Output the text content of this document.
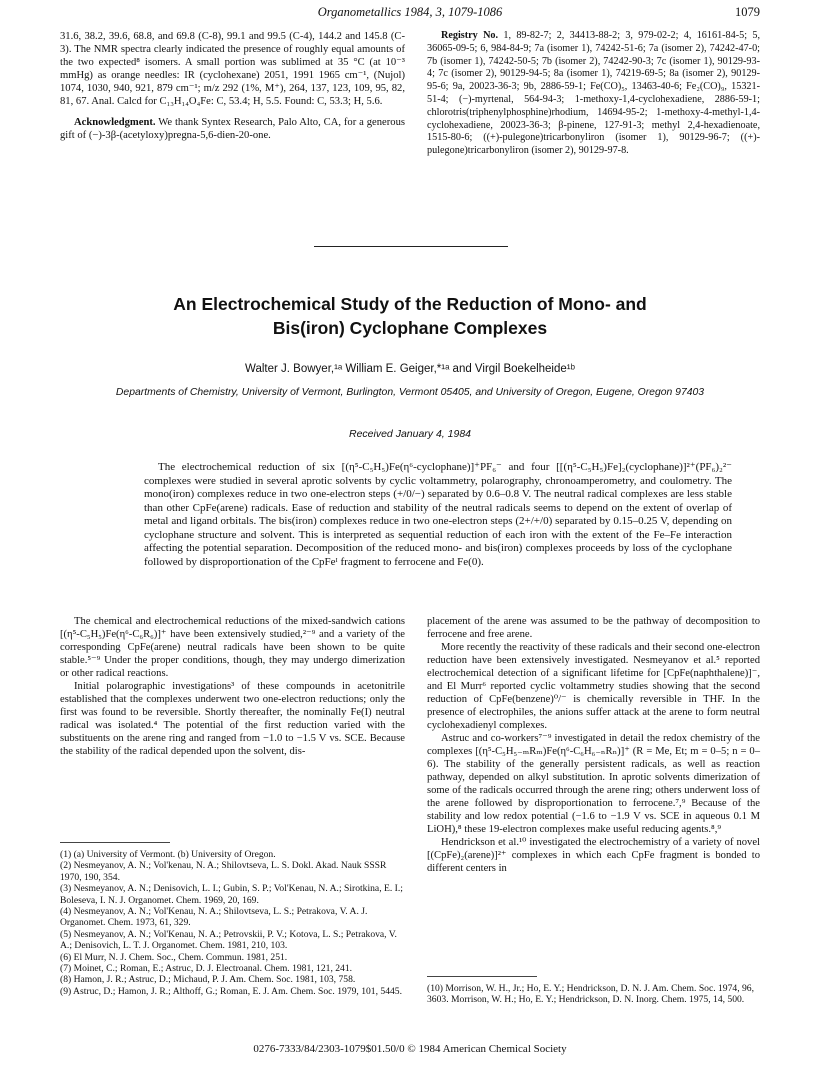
Organometallics 1984, 3, 1079-1086	1079

31.6, 38.2, 39.6, 68.8, and 69.8 (C-8), 99.1 and 99.5 (C-4), 144.2 and 145.8 (C-3). The NMR spectra clearly indicated the presence of roughly equal amounts of the two expected⁸ isomers. A small portion was sublimed at 35 °C (at 10⁻³ mmHg) as orange needles: IR (cyclohexane) 2051, 1991 1965 cm⁻¹, (Nujol) 1074, 1030, 940, 921, 879 cm⁻¹; m/z 292 (1%, M⁺), 264, 137, 123, 109, 95, 82, 81, 67. Anal. Calcd for C₁₃H₁₄O₄Fe: C, 53.4; H, 5.5. Found: C, 53.3; H, 5.6.

Acknowledgment. We thank Syntex Research, Palo Alto, CA, for a generous gift of (−)-3β-(acetyloxy)pregna-5,6-dien-20-one.

Registry No. 1, 89-82-7; 2, 34413-88-2; 3, 979-02-2; 4, 16161-84-5; 5, 36065-09-5; 6, 984-84-9; 7a (isomer 1), 74242-51-6; 7a (isomer 2), 74242-47-0; 7b (isomer 1), 74242-50-5; 7b (isomer 2), 74242-90-3; 7c (isomer 1), 90129-93-4; 7c (isomer 2), 90129-94-5; 8a (isomer 1), 74219-69-5; 8a (isomer 2), 90129-95-6; 9a, 20023-36-3; 9b, 2886-59-1; Fe(CO)₅, 13463-40-6; Fe₂(CO)₉, 15321-51-4; (−)-myrtenal, 564-94-3; 1-methoxy-1,4-cyclohexadiene, 2886-59-1; chlorotris(triphenylphosphine)rhodium, 14694-95-2; 1-methoxy-4-methyl-1,4-cyclohexadiene, 20023-36-3; β-pinene, 127-91-3; methyl 2,4-hexadienoate, 1515-80-6; ((+)-pulegone)tricarbonyliron (isomer 1), 90129-96-7; ((+)-pulegone)tricarbonyliron (isomer 2), 90129-97-8.

An Electrochemical Study of the Reduction of Mono- and
Bis(iron) Cyclophane Complexes
Walter J. Bowyer,¹ᵃ William E. Geiger,*¹ᵃ and Virgil Boekelheide¹ᵇ
Departments of Chemistry, University of Vermont, Burlington, Vermont 05405, and University of Oregon, Eugene, Oregon 97403
Received January 4, 1984

The electrochemical reduction of six [(η⁵-C₅H₅)Fe(η⁶-cyclophane)]⁺PF₆⁻ and four [[(η⁵-C₅H₅)Fe]₂(cyclophane)]²⁺(PF₆)₂²⁻ complexes were studied in several aprotic solvents by cyclic voltammetry, polarography, chronoamperometry, and coulometry. The mono(iron) complexes reduce in two one-electron steps (+/0/−) separated by 0.6–0.8 V. The neutral radical complexes are less stable than other CpFe(arene) radicals. Ease of reduction and stability of the neutral radicals seems to depend on the extent of overlap of metal and ligand orbitals. The bis(iron) complexes reduce in two one-electron steps (2+/+/0) separated by 0.15–0.25 V, depending on cyclophane structure and solvent. This is interpreted as sequential reduction of each iron with the extent of the Fe–Fe interaction affecting the potential separation. Decomposition of the reduced mono- and bis(iron) complexes proceeds by loss of the cyclophane followed by disproportionation of the CpFeᴵ fragment to ferrocene and Fe(0).

The chemical and electrochemical reductions of the mixed-sandwich cations [(η⁵-C₅H₅)Fe(η⁶-C₆R₆)]⁺ have been extensively studied,²⁻⁹ and a variety of the corresponding CpFe(arene) neutral radicals have been shown to be quite stable.⁵⁻⁹ Under the proper conditions, though, they may undergo dimerization or other radical reactions.

Initial polarographic investigations³ of these compounds in acetonitrile established that the complexes underwent two one-electron reductions; only the first was found to be reversible. Shortly thereafter, the nominally Fe(I) neutral radical was isolated.⁴ The potential of the first reduction varied with the substituents on the arene ring and ranged from −1.0 to −1.5 V vs. SCE. Because the stability of the radical depended upon the solvent, dis-

(1) (a) University of Vermont. (b) University of Oregon.

(2) Nesmeyanov, A. N.; Vol'kenau, N. A.; Shilovtseva, L. S. Dokl. Akad. Nauk SSSR 1970, 190, 354.

(3) Nesmeyanov, A. N.; Denisovich, L. I.; Gubin, S. P.; Vol'Kenau, N. A.; Sirotkina, E. I.; Boleseva, I. N. J. Organomet. Chem. 1969, 20, 169.

(4) Nesmeyanov, A. N.; Vol'Kenau, N. A.; Shilovtseva, L. S.; Petrakova, V. A. J. Organomet. Chem. 1973, 61, 329.

(5) Nesmeyanov, A. N.; Vol'Kenau, N. A.; Petrovskii, P. V.; Kotova, L. S.; Petrakova, V. A.; Denisovich, L. T. J. Organomet. Chem. 1981, 210, 103.

(6) El Murr, N. J. Chem. Soc., Chem. Commun. 1981, 251.

(7) Moinet, C.; Roman, E.; Astruc, D. J. Electroanal. Chem. 1981, 121, 241.

(8) Hamon, J. R.; Astruc, D.; Michaud, P. J. Am. Chem. Soc. 1981, 103, 758.

(9) Astruc, D.; Hamon, J. R.; Althoff, G.; Roman, E. J. Am. Chem. Soc. 1979, 101, 5445.

placement of the arene was assumed to be the pathway of decomposition to ferrocene and free arene.

More recently the reactivity of these radicals and their second one-electron reduction have been extensively investigated. Nesmeyanov et al.⁵ reported electrochemical detection of a significant lifetime for [CpFe(naphthalene)]⁻, and El Murr⁶ reported cyclic voltammetry studies showing that the second reduction of CpFe(benzene)⁰/⁻ is chemically reversible in THF. In the presence of electrophiles, the anions suffer attack at the arene to form neutral cyclohexadienyl complexes.

Astruc and co-workers⁷⁻⁹ investigated in detail the redox chemistry of the complexes [(η⁵-C₅H₅₋ₘRₘ)Fe(η⁶-C₆H₆₋ₙRₙ)]⁺ (R = Me, Et; m = 0–5; n = 0–6). The stability of the generally persistent radicals, as well as reaction pathway, depended on alkyl substitution. In aprotic solvents dimerization of some of the radicals occurred through the arene ring; others underwent loss of the arene followed by disproportionation to ferrocene.⁷,⁹ Because of the stability and low redox potential (−1.6 to −1.9 V vs. SCE in aqueous 0.1 M LiOH),⁸ these 19-electron complexes make useful reducing agents.⁸,⁹

Hendrickson et al.¹⁰ investigated the electrochemistry of a variety of novel [(CpFe)₂(arene)]²⁺ complexes in which each CpFe fragment is bonded to different centers in

(10) Morrison, W. H., Jr.; Ho, E. Y.; Hendrickson, D. N. J. Am. Chem. Soc. 1974, 96, 3603. Morrison, W. H.; Ho, E. Y.; Hendrickson, D. N. Inorg. Chem. 1975, 14, 500.

0276-7333/84/2303-1079$01.50/0 © 1984 American Chemical Society
